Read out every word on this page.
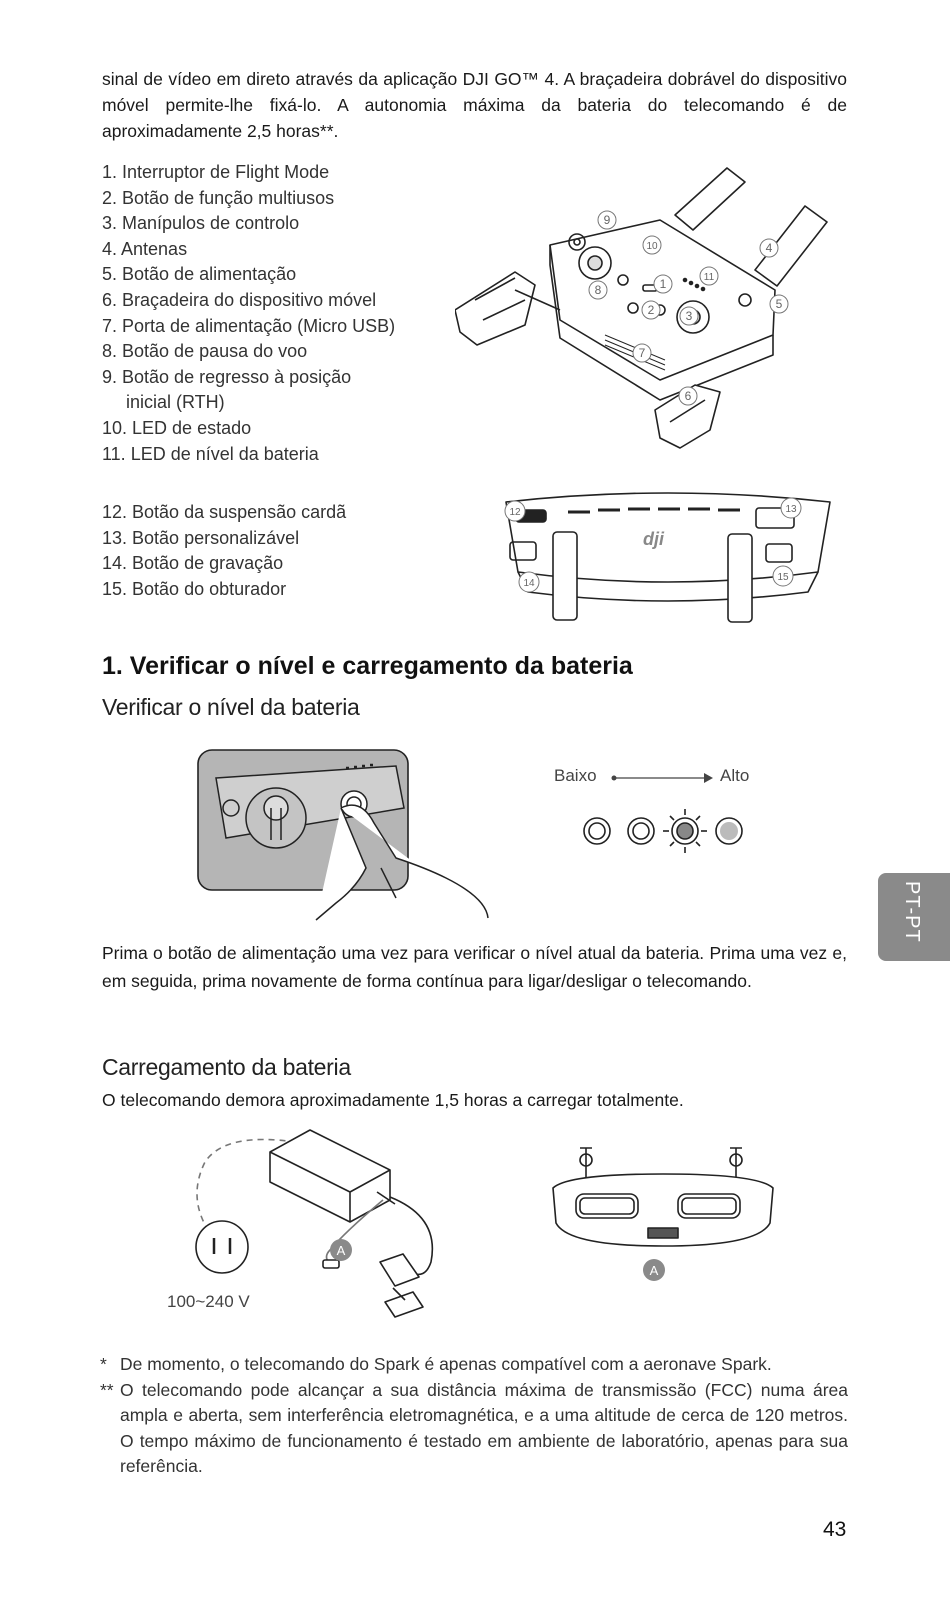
sinal de vídeo em direto através da aplicação DJI GO™ 4. A braçadeira dobrável do dispositivo móvel permite-lhe fixá-lo. A autonomia máxima da bateria do telecomando é de aproximadamente 2,5 horas**.

1. Interruptor de Flight Mode
2. Botão de função multiusos
3. Manípulos de controlo
4. Antenas
5. Botão de alimentação
6. Braçadeira do dispositivo móvel
7. Porta de alimentação (Micro USB)
8. Botão de pausa do voo
9. Botão de regresso à posição
inicial (RTH)
10. LED de estado
11. LED de nível da bateria
1
2	3
4
5
6
7
8
9
10
11
12. Botão da suspensão cardã
13. Botão personalizável
14. Botão de gravação
15. Botão do obturador
dji
12	13
14
15
1. Verificar o nível e carregamento da bateria
Verificar o nível da bateria
Baixo	Alto

Prima o botão de alimentação uma vez para verificar o nível atual da bateria. Prima uma vez e, em seguida, prima novamente de forma contínua para ligar/desligar o telecomando.

Carregamento da bateria

O telecomando demora aproximadamente 1,5 horas a carregar totalmente.

A
100~240 V
A
* De momento, o telecomando do Spark é apenas compatível com a aeronave Spark.
** O telecomando pode alcançar a sua distância máxima de transmissão (FCC) numa área ampla e aberta, sem interferência eletromagnética, e a uma altitude de cerca de 120 metros. O tempo máximo de funcionamento é testado em ambiente de laboratório, apenas para sua referência.
PT-PT
43
